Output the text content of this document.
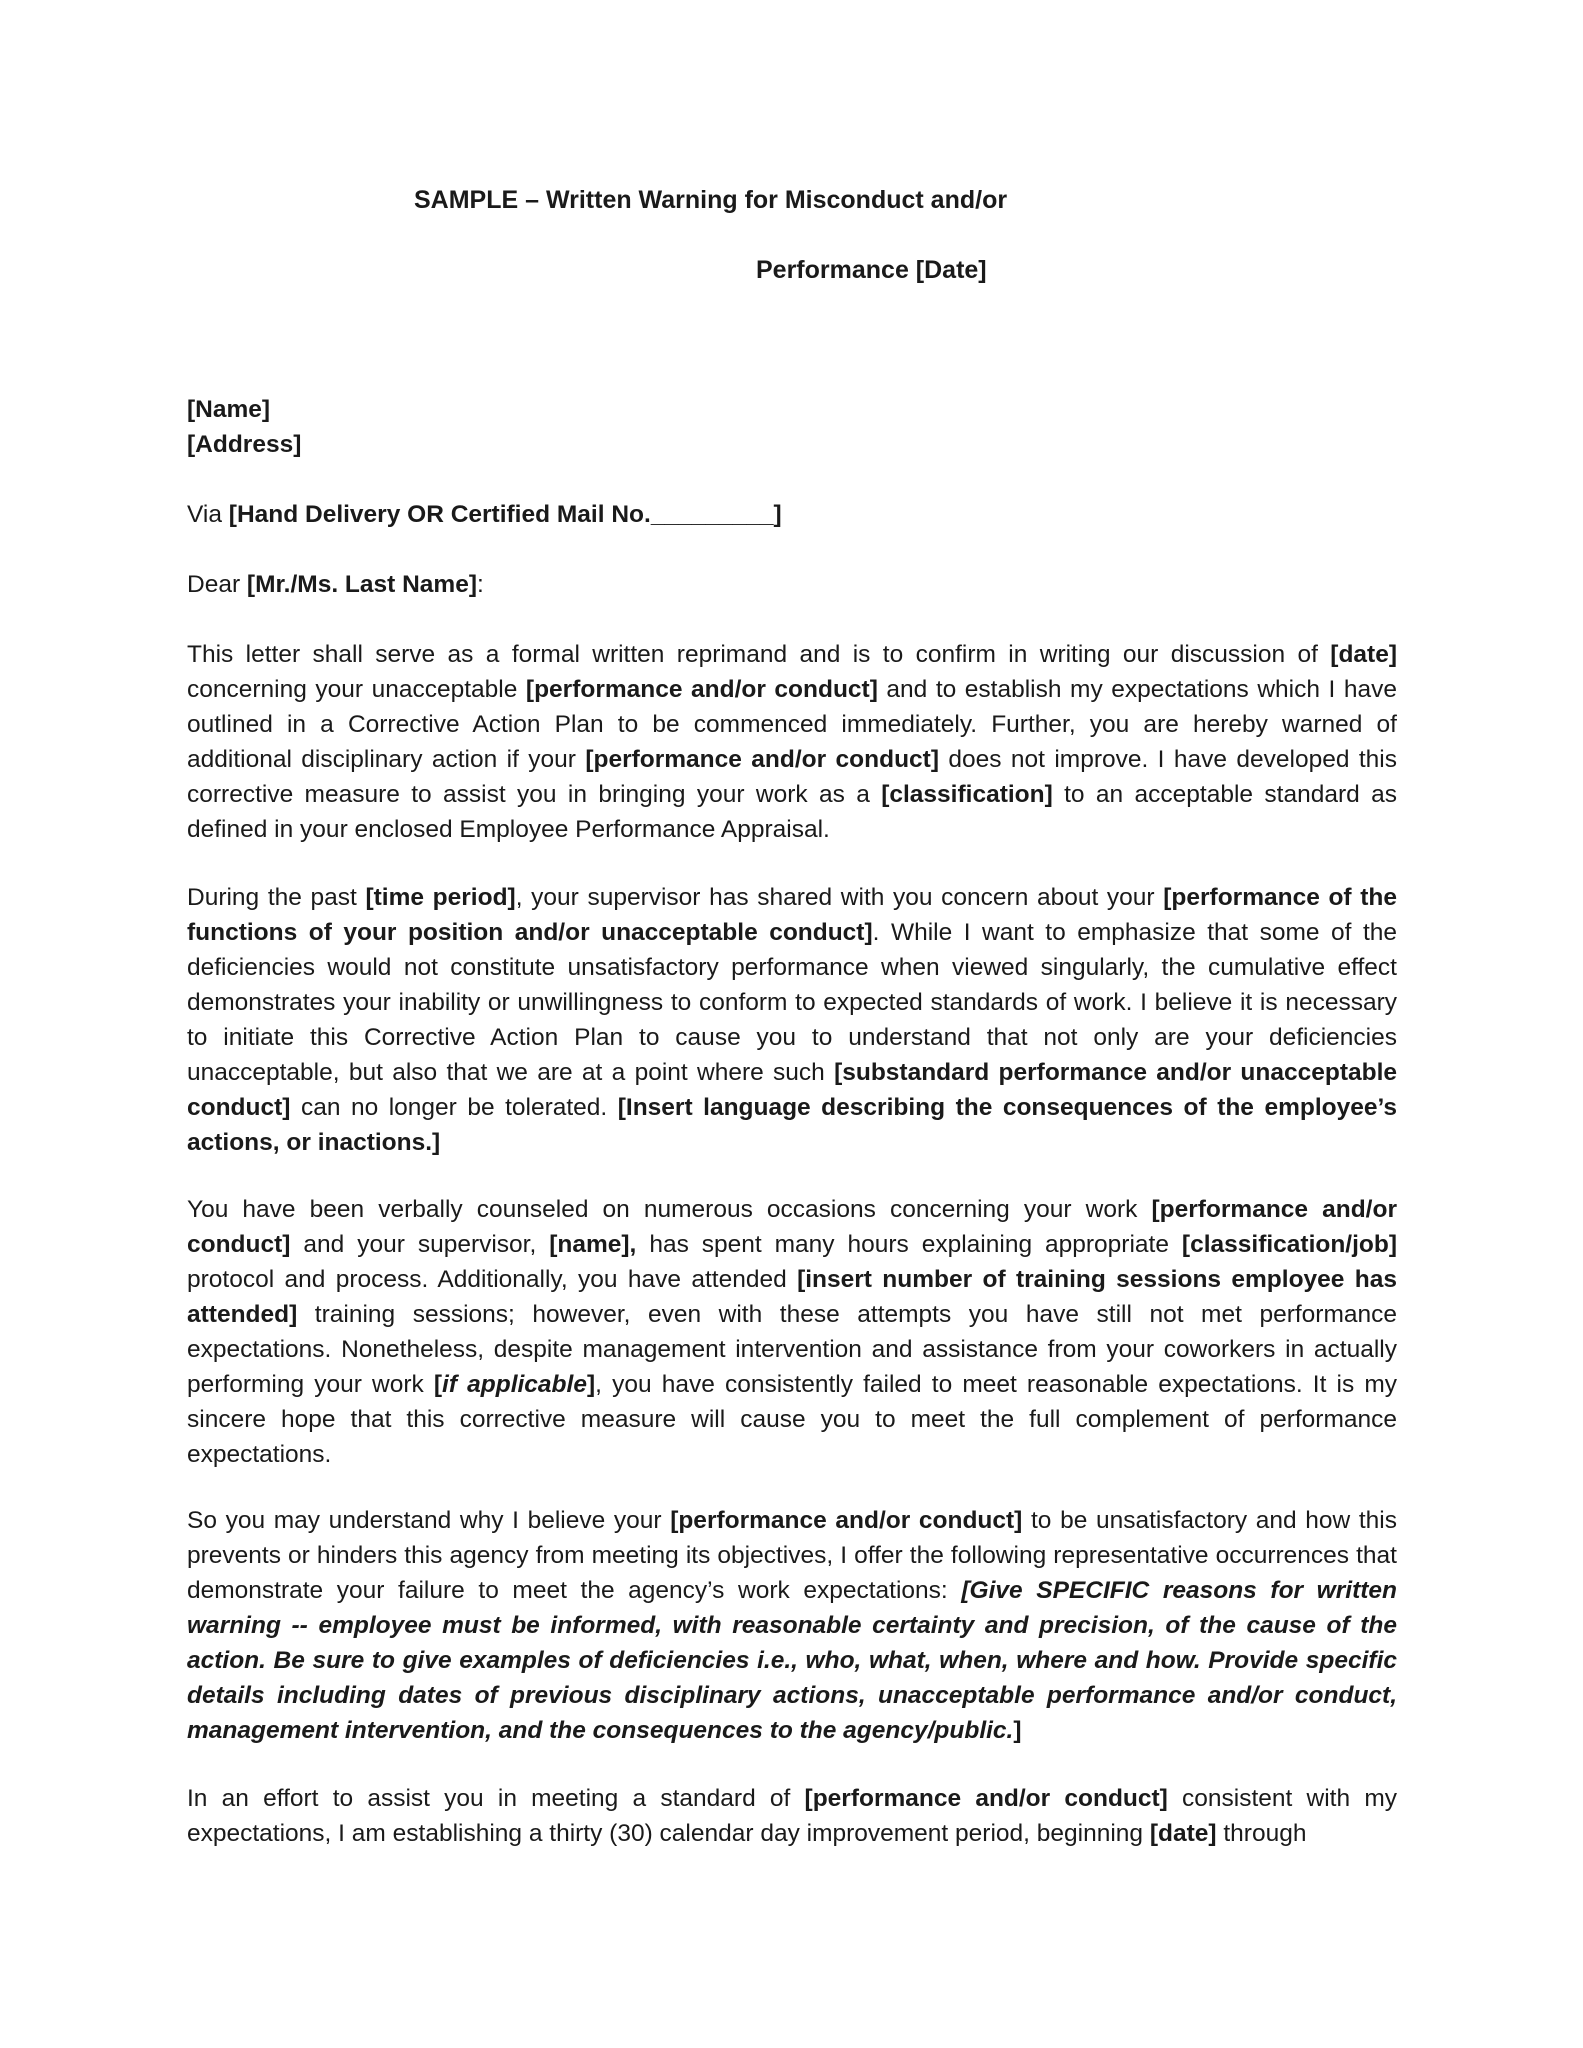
SAMPLE – Written Warning for Misconduct and/or
Performance [Date]
[Name]
[Address]
Via [Hand Delivery OR Certified Mail No._________]
Dear [Mr./Ms. Last Name]:
This letter shall serve as a formal written reprimand and is to confirm in writing our discussion of [date] concerning your unacceptable [performance and/or conduct] and to establish my expectations which I have outlined in a Corrective Action Plan to be commenced immediately. Further, you are hereby warned of additional disciplinary action if your [performance and/or conduct] does not improve. I have developed this corrective measure to assist you in bringing your work as a [classification] to an acceptable standard as defined in your enclosed Employee Performance Appraisal.
During the past [time period], your supervisor has shared with you concern about your [performance of the functions of your position and/or unacceptable conduct]. While I want to emphasize that some of the deficiencies would not constitute unsatisfactory performance when viewed singularly, the cumulative effect demonstrates your inability or unwillingness to conform to expected standards of work. I believe it is necessary to initiate this Corrective Action Plan to cause you to understand that not only are your deficiencies unacceptable, but also that we are at a point where such [substandard performance and/or unacceptable conduct] can no longer be tolerated. [Insert language describing the consequences of the employee’s actions, or inactions.]
You have been verbally counseled on numerous occasions concerning your work [performance and/or conduct] and your supervisor, [name], has spent many hours explaining appropriate [classification/job] protocol and process. Additionally, you have attended [insert number of training sessions employee has attended] training sessions; however, even with these attempts you have still not met performance expectations. Nonetheless, despite management intervention and assistance from your coworkers in actually performing your work [if applicable], you have consistently failed to meet reasonable expectations. It is my sincere hope that this corrective measure will cause you to meet the full complement of performance expectations.
So you may understand why I believe your [performance and/or conduct] to be unsatisfactory and how this prevents or hinders this agency from meeting its objectives, I offer the following representative occurrences that demonstrate your failure to meet the agency’s work expectations: [Give SPECIFIC reasons for written warning -- employee must be informed, with reasonable certainty and precision, of the cause of the action. Be sure to give examples of deficiencies i.e., who, what, when, where and how. Provide specific details including dates of previous disciplinary actions, unacceptable performance and/or conduct, management intervention, and the consequences to the agency/public.]
In an effort to assist you in meeting a standard of [performance and/or conduct] consistent with my expectations, I am establishing a thirty (30) calendar day improvement period, beginning [date] through
